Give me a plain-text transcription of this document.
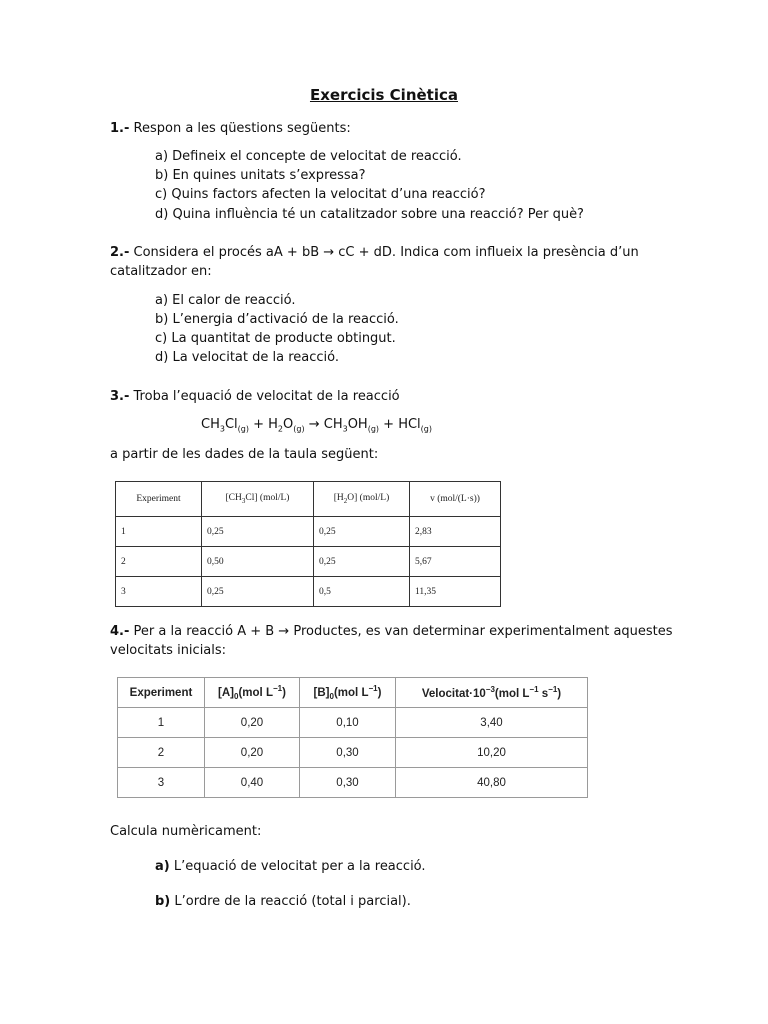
Exercicis Cinètica
1.- Respon a les qüestions següents:
a) Defineix el concepte de velocitat de reacció.
b) En quines unitats s’expressa?
c) Quins factors afecten la velocitat d’una reacció?
d) Quina influència té un catalitzador sobre una reacció? Per què?
2.- Considera el procés aA + bB → cC + dD. Indica com influeix la presència d’un
catalitzador en:
a) El calor de reacció.
b) L’energia d’activació de la reacció.
c) La quantitat de producte obtingut.
d) La velocitat de la reacció.
3.- Troba l’equació de velocitat de la reacció
$CH_3Cl_{(g)} + H_2O_{(g)} \to CH_3OH_{(g)} + HCl_{(g)}$
a partir de les dades de la taula següent:
Experiment	$[CH_3Cl]$ (mol/L)	$[H_2O]$ (mol/L)	v (mol/(L·s))
1	0,25	0,25	2,83
2	0,50	0,25	5,67
3	0,25	0,5	11,35
4.- Per a la reacció A + B → Productes, es van determinar experimentalment aquestes
velocitats inicials:
Experiment	$[A]_0(mol$ $L^{-1}$)	$[B]_0(mol$ $L^{-1}$)	$Velocitat\cdot 10^{-3}(mol$ $L^{-1}$ $s^{-1}$)
1	0,20	0,10	3,40
2	0,20	0,30	10,20
3	0,40	0,30	40,80
Calcula numèricament:
a) L’equació de velocitat per a la reacció.
b) L’ordre de la reacció (total i parcial).
